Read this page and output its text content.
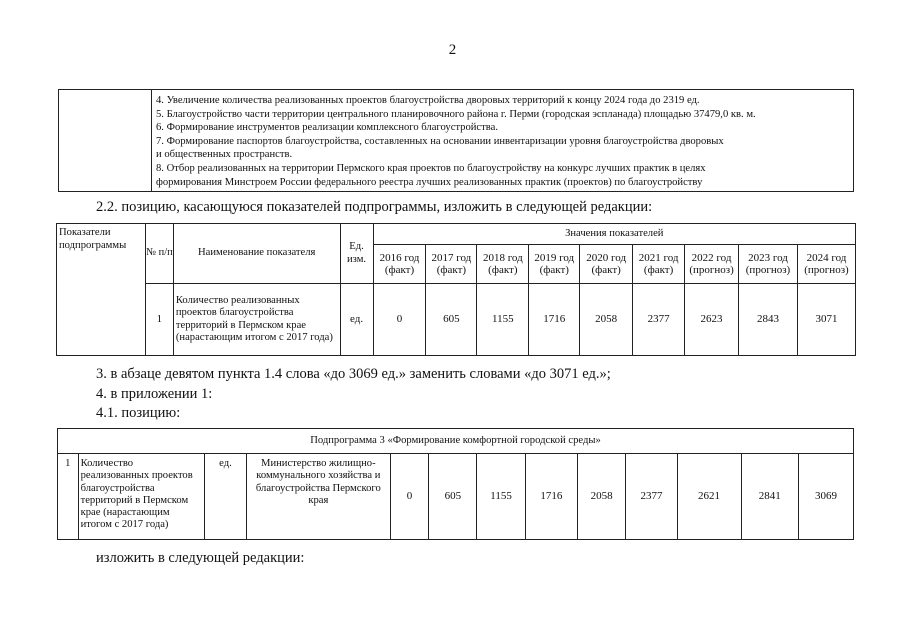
2

4. Увеличение количества реализованных проектов благоустройства дворовых территорий к концу 2024 года до 2319 ед.
5. Благоустройство части территории центрального планировочного района г. Перми (городская эспланада) площадью 37479,0 кв. м.
6. Формирование инструментов реализации комплексного благоустройства.
7. Формирование паспортов благоустройства, составленных на основании инвентаризации уровня благоустройства дворовых
и общественных пространств.
8. Отбор реализованных на территории Пермского края проектов по благоустройству на конкурс лучших практик в целях
формирования Минстроем России федерального реестра лучших реализованных практик (проектов) по благоустройству
2.2. позицию, касающуюся показателей подпрограммы, изложить в следующей редакции:
Показатели подпрограммы	№ п/п	Наименование показателя	Ед. изм.	Значения показателей								
				2016 год (факт)	2017 год (факт)	2018 год (факт)	2019 год (факт)	2020 год (факт)	2021 год (факт)	2022 год (прогноз)	2023 год (прогноз)	2024 год (прогноз)
	1	Количество реализованных проектов благоустройства территорий в Пермском крае (нарастающим итогом с 2017 года)	ед.	0	605	1155	1716	2058	2377	2623	2843	3071
3. в абзаце девятом пункта 1.4 слова «до 3069 ед.» заменить словами «до 3071 ед.»;
4. в приложении 1:
4.1. позицию:
Подпрограмма 3 «Формирование комфортной городской среды»
1	Количество реализованных проектов благоустройства территорий в Пермском крае (нарастающим итогом с 2017 года)	ед.	Министерство жилищно-коммунального хозяйства и благоустройства Пермского края	0	605	1155	1716	2058	2377	2621	2841	3069
изложить в следующей редакции:
